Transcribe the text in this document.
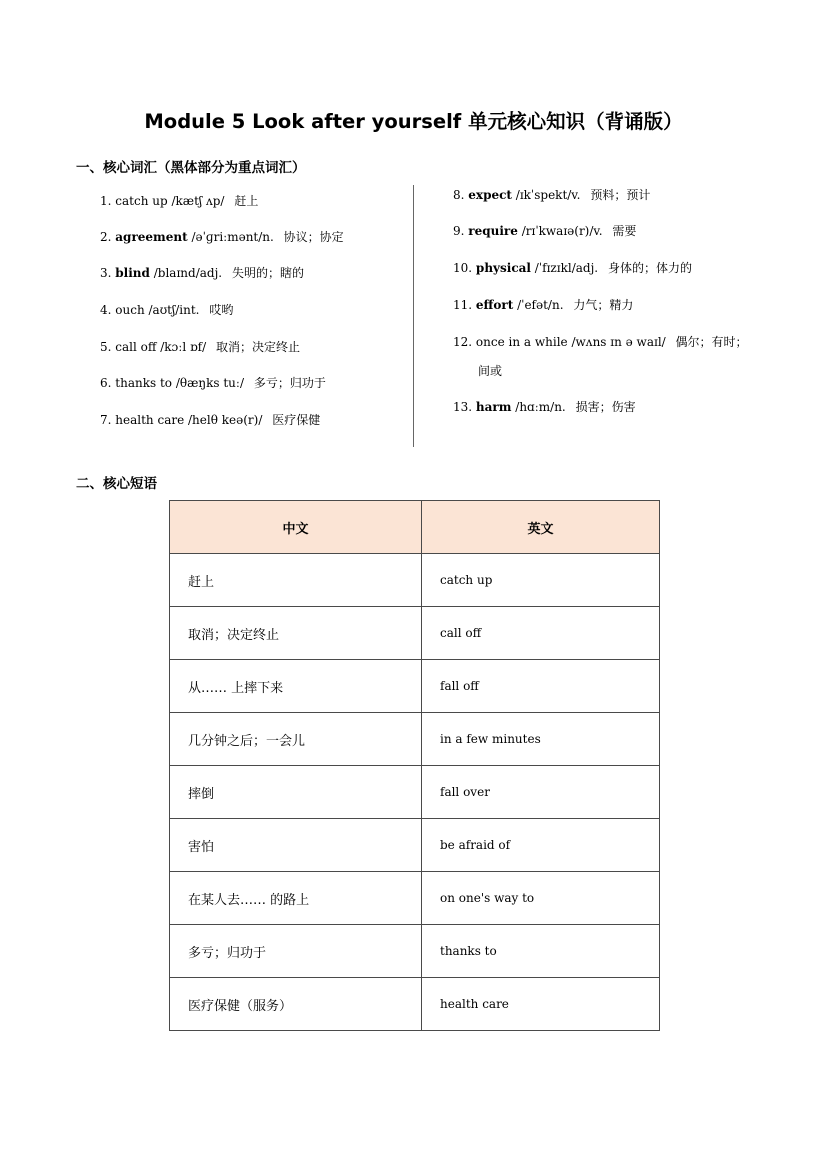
Module 5 Look after yourself 单元核心知识（背诵版）
一、核心词汇（黑体部分为重点词汇）
1. catch up /kætʃ ʌp/ 赶上
2. agreement /əˈɡriːmənt/n. 协议；协定
3. blind /blaɪnd/adj. 失明的；瞎的
4. ouch /aʊtʃ/int. 哎哟
5. call off /kɔːl ɒf/ 取消；决定终止
6. thanks to /θæŋks tuː/ 多亏；归功于
7. health care /helθ keə(r)/ 医疗保健
8. expect /ɪkˈspekt/v. 预料；预计
9. require /rɪˈkwaɪə(r)/v. 需要
10. physical /ˈfɪzɪkl/adj. 身体的；体力的
11. effort /ˈefət/n. 力气；精力
12. once in a while /wʌns ɪn ə waɪl/ 偶尔；有时；
间或
13. harm /hɑːm/n. 损害；伤害
二、核心短语
中文	英文
赶上	catch up
取消；决定终止	call off
从…… 上摔下来	fall off
几分钟之后；一会儿	in a few minutes
摔倒	fall over
害怕	be afraid of
在某人去…… 的路上	on one's way to
多亏；归功于	thanks to
医疗保健（服务）	health care
